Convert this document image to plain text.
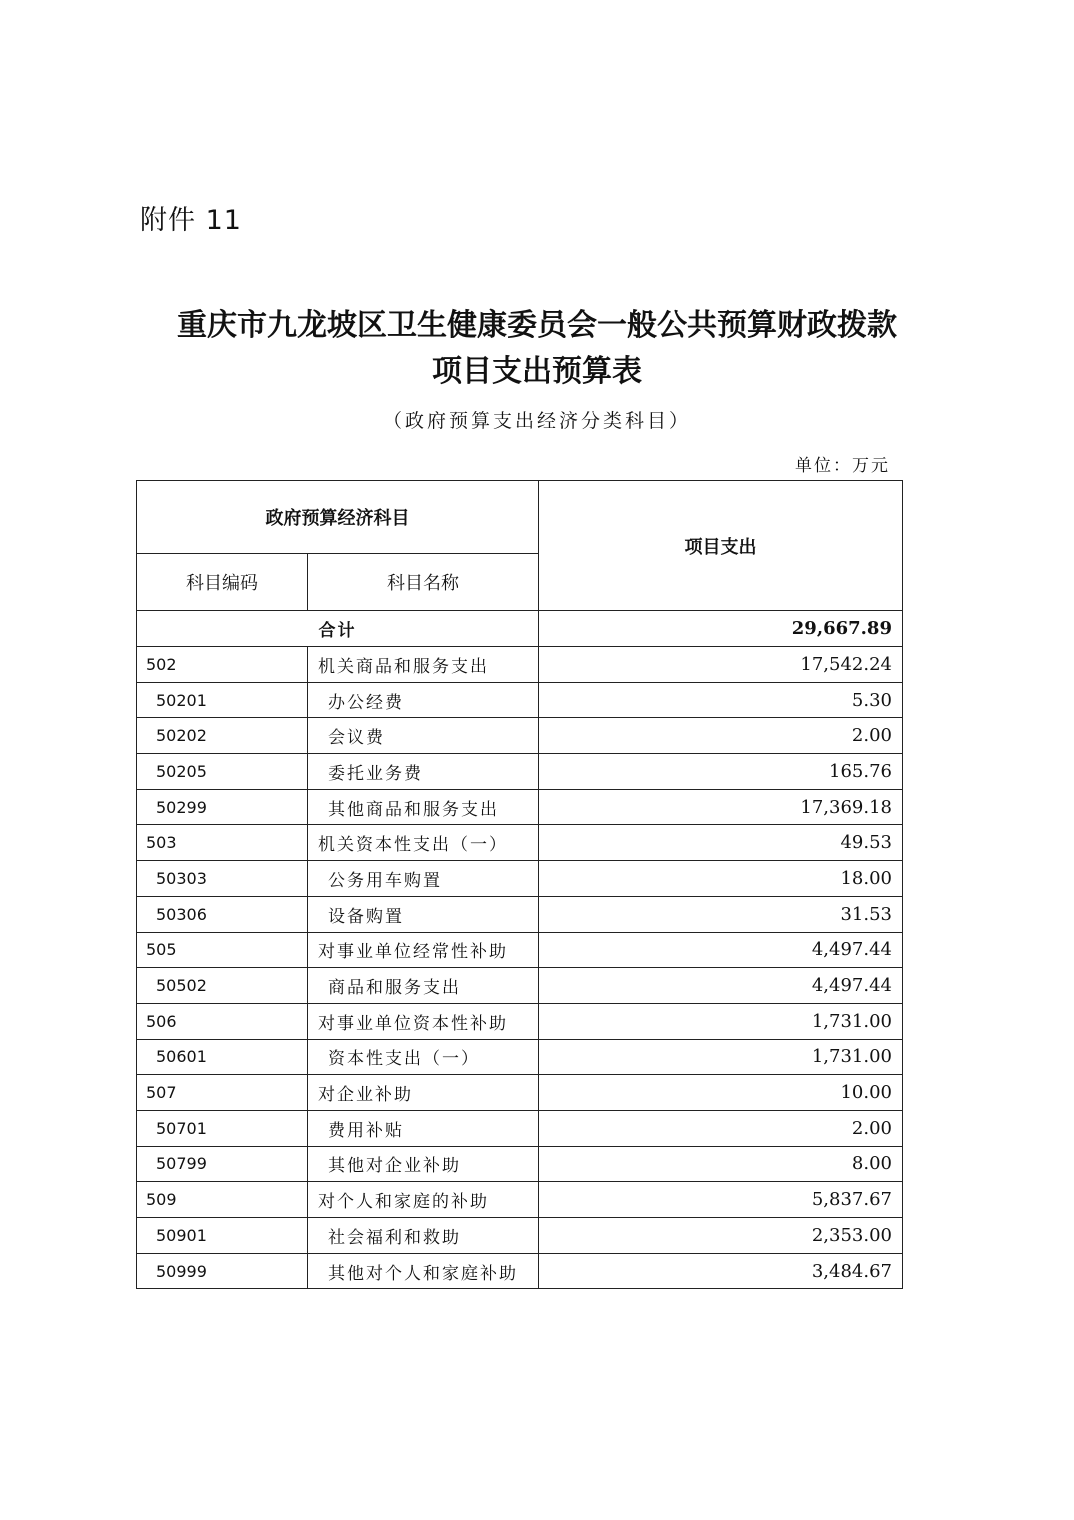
附件 11
重庆市九龙坡区卫生健康委员会一般公共预算财政拨款
项目支出预算表
（政府预算支出经济分类科目）
单位：万元
政府预算经济科目		项目支出
科目编码	科目名称	
合计		29,667.89
502	机关商品和服务支出	17,542.24
50201	办公经费	5.30
50202	会议费	2.00
50205	委托业务费	165.76
50299	其他商品和服务支出	17,369.18
503	机关资本性支出（一）	49.53
50303	公务用车购置	18.00
50306	设备购置	31.53
505	对事业单位经常性补助	4,497.44
50502	商品和服务支出	4,497.44
506	对事业单位资本性补助	1,731.00
50601	资本性支出（一）	1,731.00
507	对企业补助	10.00
50701	费用补贴	2.00
50799	其他对企业补助	8.00
509	对个人和家庭的补助	5,837.67
50901	社会福利和救助	2,353.00
50999	其他对个人和家庭补助	3,484.67
